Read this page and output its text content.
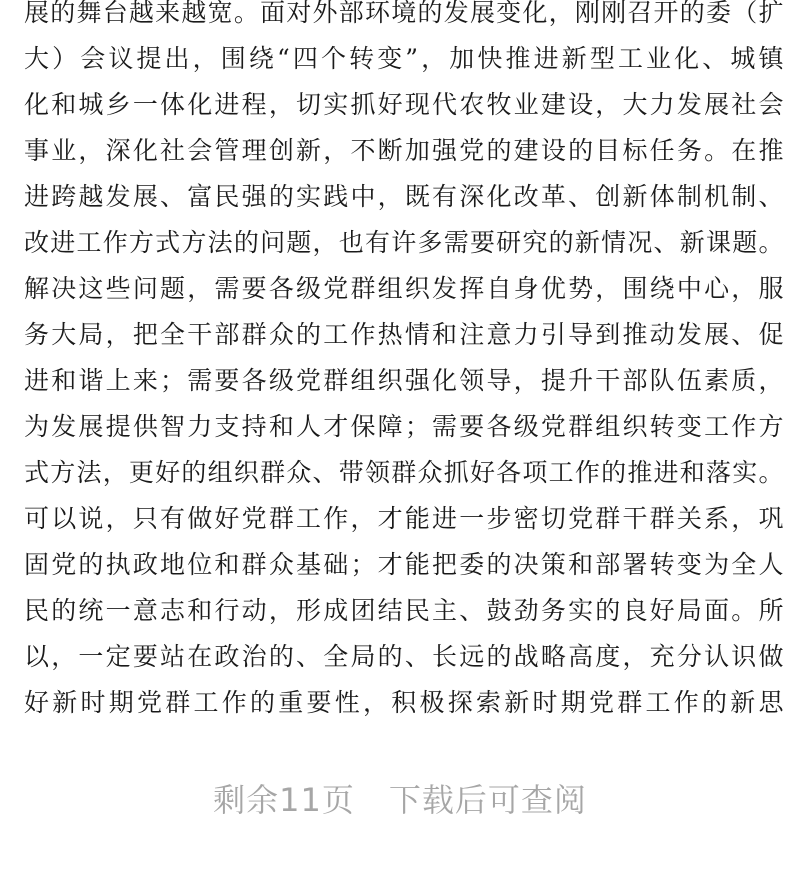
展的舞台越来越宽。面对外部环境的发展变化，刚刚召开的委（扩
大）会议提出，围绕“四个转变”，加快推进新型工业化、城镇
化和城乡一体化进程，切实抓好现代农牧业建设，大力发展社会
事业，深化社会管理创新，不断加强党的建设的目标任务。在推
进跨越发展、富民强的实践中，既有深化改革、创新体制机制、
改进工作方式方法的问题，也有许多需要研究的新情况、新课题。
解决这些问题，需要各级党群组织发挥自身优势，围绕中心，服
务大局，把全干部群众的工作热情和注意力引导到推动发展、促
进和谐上来；需要各级党群组织强化领导，提升干部队伍素质，
为发展提供智力支持和人才保障；需要各级党群组织转变工作方
式方法，更好的组织群众、带领群众抓好各项工作的推进和落实。
可以说，只有做好党群工作，才能进一步密切党群干群关系，巩
固党的执政地位和群众基础；才能把委的决策和部署转变为全人
民的统一意志和行动，形成团结民主、鼓劲务实的良好局面。所
以，一定要站在政治的、全局的、长远的战略高度，充分认识做
好新时期党群工作的重要性，积极探索新时期党群工作的新思
剩余11页 下载后可查阅
